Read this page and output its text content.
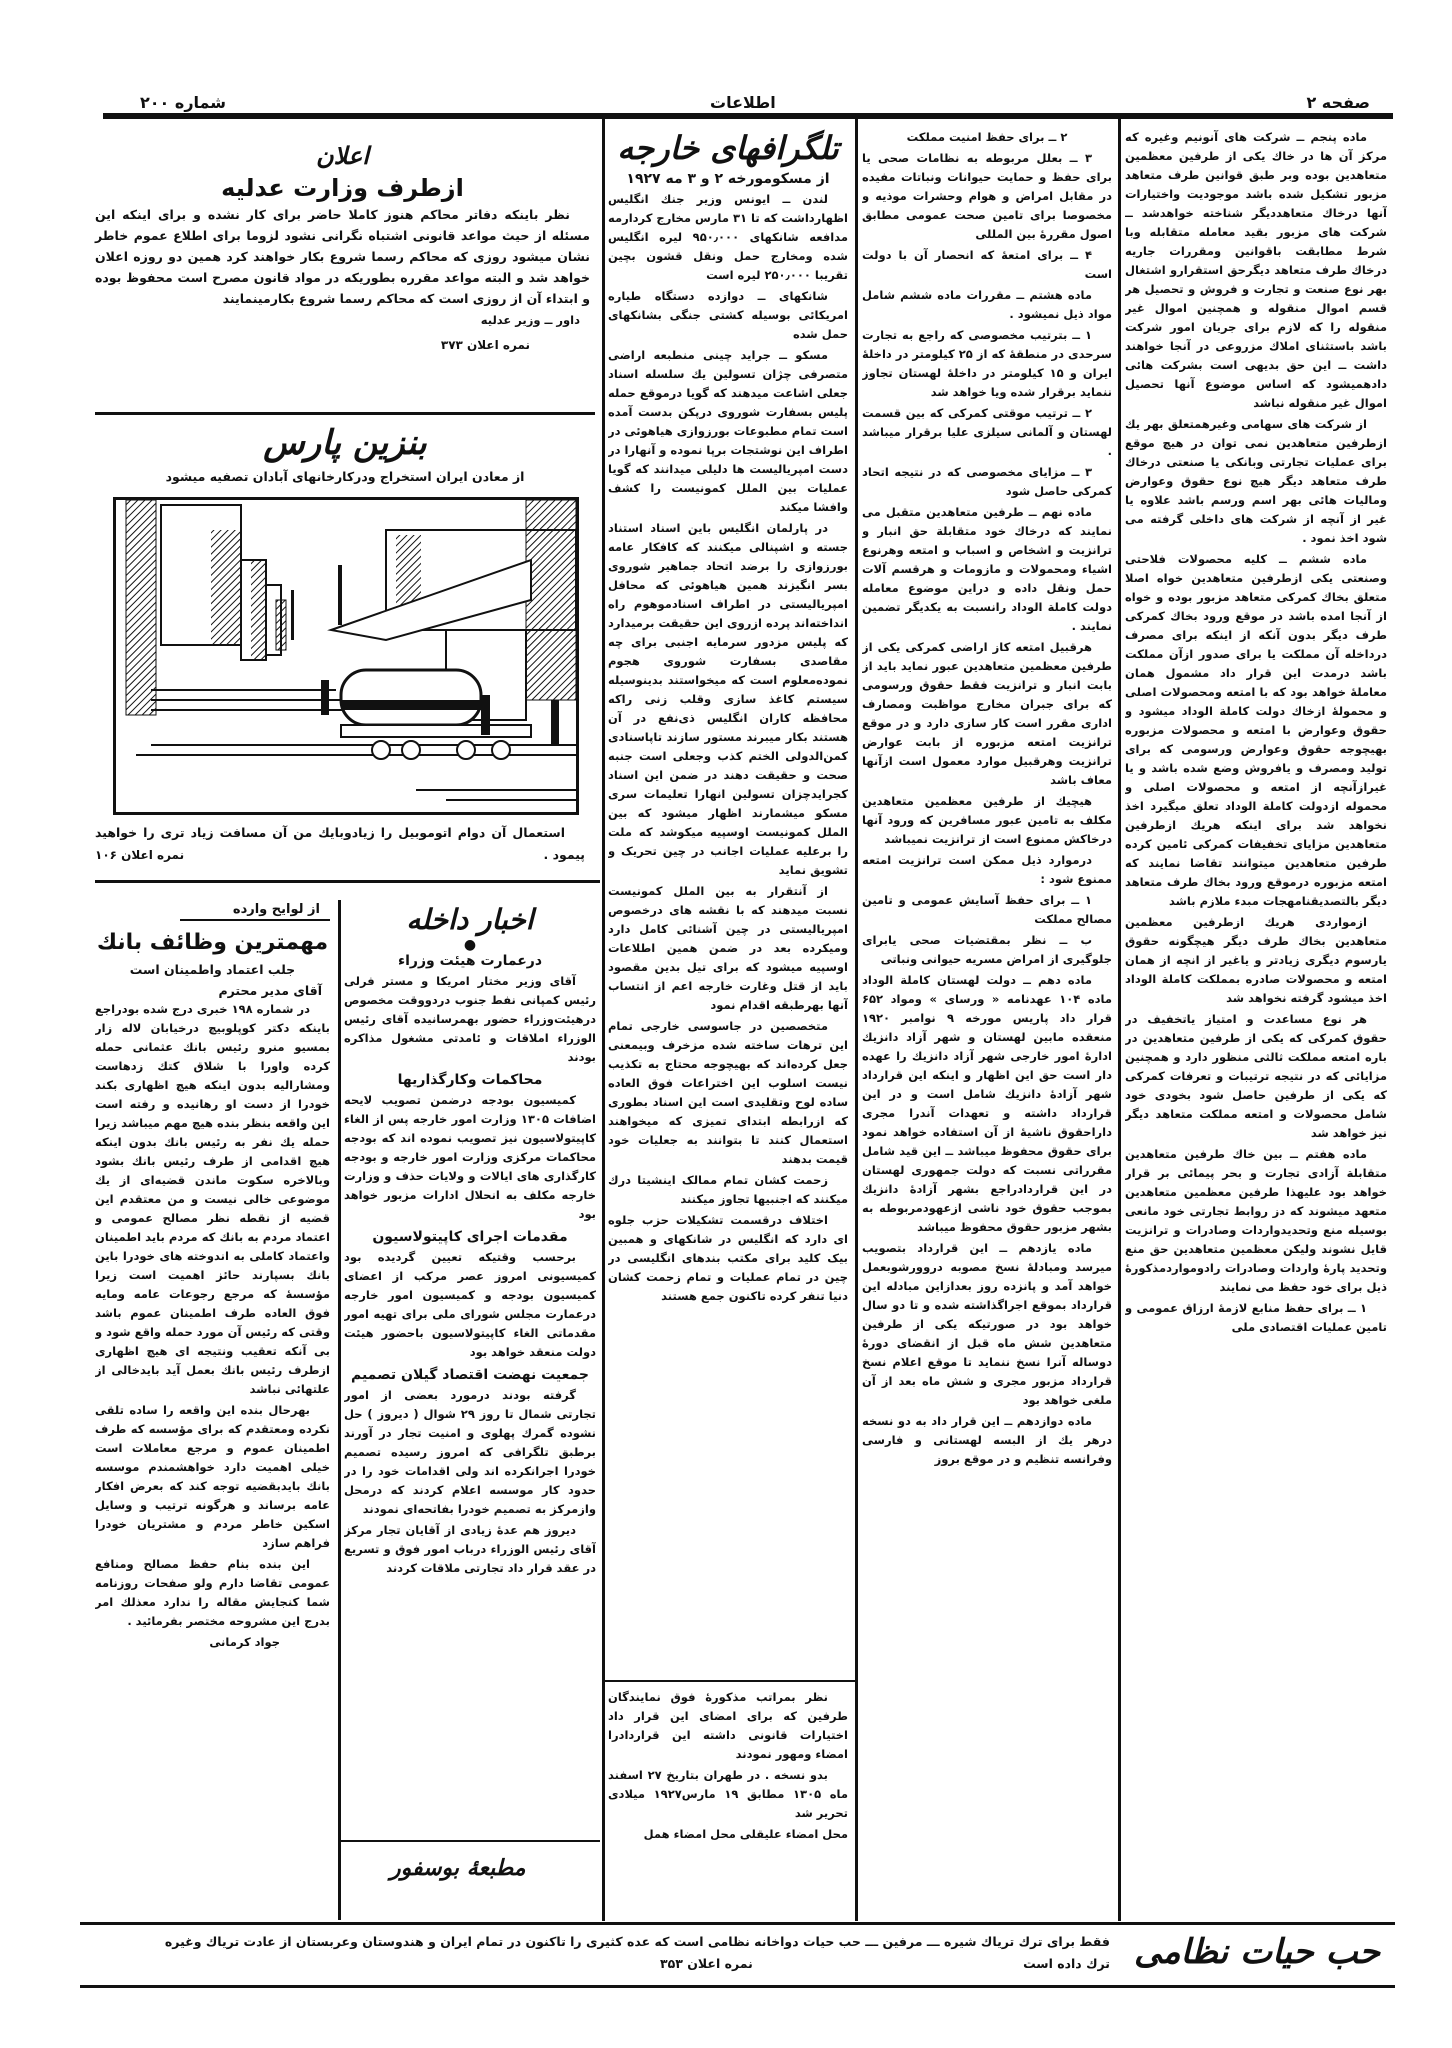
صفحه ۲
اطلاعات
شماره ۲۰۰

ماده پنجم ــ شرکت های آنونیم وغیره که مرکز آن ها در خاك یکی از طرفین معظمین متعاهدین بوده وبر طبق قوانین طرف متعاهد مزبور تشکیل شده باشد موجودیت واختیارات آنها درخاك متعاهددیگر شناخته خواهدشد ــ شرکت های مزبور بقید معامله متقابله وبا شرط مطابقت باقوانین ومقررات جاریه درخاك طرف متعاهد دیگرحق استقرارو اشتغال بهر نوع صنعت و تجارت و فروش و تحصیل هر قسم اموال منقوله و همچنین اموال غیر منقوله را که لازم برای جریان امور شرکت باشد باستثنای املاك مزروعی در آنجا خواهند داشت ــ این حق بدیهی است بشرکت هائی دادهمیشود که اساس موضوع آنها تحصیل اموال غیر منقوله نباشد

از شرکت های سهامی وغیرهمتعلق بهر یك ازطرفین متعاهدین نمی توان در هیچ موقع برای عملیات تجارتی وبانکی یا صنعتی درخاك طرف متعاهد دیگر هیچ نوع حقوق وعوارض ومالیات هائی بهر اسم ورسم باشد علاوه یا غیر از آنچه از شرکت های داخلی گرفته می شود اخذ نمود .

ماده ششم ــ کلیه محصولات فلاحتی وصنعتی یکی ازطرفین متعاهدین خواه اصلا متعلق بخاك کمرکی متعاهد مزبور بوده و خواه از آنجا امده باشد در موقع ورود بخاك کمرکی طرف دیگر بدون آنکه از اینکه برای مصرف درداخله آن مملکت یا برای صدور ازآن مملکت باشد درمدت این قرار داد مشمول همان معاملهٔ خواهد بود که با امتعه ومحصولات اصلی و محمولهٔ ازخاك دولت کاملة الوداد میشود و حقوق وعوارض با امتعه و محصولات مزبوره بهیچوجه حقوق وعوارض ورسومی که برای تولید ومصرف و یافروش وضع شده باشد و یا غیرازآنچه از امتعه و محصولات اصلی و محموله ازدولت کاملة الوداد تعلق میگیرد اخذ نخواهد شد برای اینکه هریك ازطرفین متعاهدین مزایای تخفیفات کمرکی ئامین کرده طرفین متعاهدین میتوانند تقاضا نمایند که امتعه مزبوره درموقع ورود بخاك طرف متعاهد دیگر بالتصدیقنامهجات مبدء ملازم باشد

ازمواردی هریك ازطرفین معظمین متعاهدین بخاك طرف دیگر هیچگونه حقوق یارسوم دیگری زیادتر و یاغیر از انچه از همان امتعه و محصولات صادره بمملکت کاملة الوداد اخذ میشود گرفته نخواهد شد

هر نوع مساعدت و امتیاز یاتخفیف در حقوق کمرکی که یکی از طرفین متعاهدین در باره امتعه مملکت ثالثی منظور دارد و همچنین مزایائی که در نتیجه ترتیبات و تعرفات کمرکی که یکی از طرفین حاصل شود بخودی خود شامل محصولات و امتعه مملکت متعاهد دیگر نیز خواهد شد

ماده هفتم ــ بین خاك طرفین متعاهدین متقابلة آزادی تجارت و بحر پیمائی بر قرار خواهد بود علیهذا طرفین معظمین متعاهدین متعهد میشوند که دز روابط تجارتی خود مانعی بوسیله منع وتحدیدواردات وصادرات و ترانزیت قایل نشوند ولیکن معظمین متعاهدین حق منع وتحدید پارهٔ واردات وصادرات رادومواردمذکورهٔ ذیل برای خود حفظ می نمایند

۱ ــ برای حفظ منابع لازمهٔ ارزاق عمومی و تامین عملیات اقتصادی ملی

۲ ــ برای حفظ امنیت مملکت

۳ ــ بعلل مربوطه به نظامات صحی یا برای حفظ و حمایت حیوانات ونباتات مفیده در مقابل امراض و هوام وحشرات موذیه و مخصوصا برای تامین صحت عمومی مطابق اصول مقررهٔ بین المللی

۴ ــ برای امتعهٔ که انحصار آن با دولت است

ماده هشتم ــ مقررات ماده ششم شامل مواد ذیل نمیشود .

۱ ــ بترتیب مخصوصی که راجع به تجارت سرحدی در منطقهٔ که از ۲۵ کیلومتر در داخلهٔ ایران و ۱۵ کیلومتر در داخلهٔ لهستان تجاوز ننماید برقرار شده ویا خواهد شد

۲ ــ ترتیب موقتی کمرکی که بین قسمت لهستان و آلمانی سیلزی علیا برقرار میباشد .

۳ ــ مزایای مخصوصی که در نتیجه اتحاد کمرکی حاصل شود

ماده نهم ــ طرفین متعاهدین متقبل می نمایند که درخاك خود متقابلة حق انبار و ترانزیت و اشخاص و اسباب و امتعه وهرنوع اشیاء ومحمولات و مازومات و هرقسم آلات حمل ونقل داده و دراین موضوع معامله دولت کاملة الوداد رانسبت به یکدیگر تضمین نمایند .

هرقبیل امتعه کاز اراضی کمرکی یکی از طرفین معظمین متعاهدین عبور نماید باید از بابت انبار و ترانزیت فقط حقوق ورسومی که برای جبران مخارج مواظبت ومصارف اداری مقرر است کار سازی دارد و در موقع ترانزیت امتعه مزبوره از بابت عوارض ترانزیت وهرقبیل موارد معمول است ازآنها معاف باشد

هیچیك از طرفین معظمین متعاهدین مکلف به تامین عبور مسافرین که ورود آنها درخاکش ممنوع است از ترانزیت نمیباشد

درموارد ذیل ممکن است ترانزیت امتعه ممنوع شود :

۱ ــ برای حفظ آسایش عمومی و تامین مصالح مملکت

ب ــ نظر بمقتضیات صحی یابرای جلوگیری از امراض مسریه حیوانی ونباتی

ماده دهم ــ دولت لهستان کاملة الوداد ماده ۱۰۴ عهدنامه « ورسای » ومواد ۶۵۲ قرار داد پاریس مورخه ۹ نوامبر ۱۹۲۰ منعقده مابین لهستان و شهر آزاد دانزیك ادارهٔ امور خارجی شهر آزاد دانزیك را عهده دار است حق این اظهار و اینکه این قرارداد شهر آزادهٔ دانزیك شامل است و در این قرارداد داشته و تعهدات آندرا مجری داراحقوق ناشیهٔ از آن استفاده خواهد نمود برای حقوق محفوظ میباشد ــ این قید شامل مقرراتی نسبت که دولت جمهوری لهستان در این قراردادراجع بشهر آزادهٔ دانزیك بموجب حقوق خود ناشی ازعهودمربوطه به بشهر مزبور حقوق محفوظ میباشد

ماده یازدهم ــ این قرارداد بتصویب میرسد ومبادلهٔ نسخ مصوبه دروورشوبعمل خواهد آمد و پانزده روز بعدازاین مبادله این قرارداد بموقع اجراگذاشته شده و تا دو سال خواهد بود در صورتیکه یکی از طرفین متعاهدین شش ماه قبل از انقضای دورهٔ دوساله آنرا نسخ ننماید تا موقع اعلام نسخ قرارداد مزبور مجری و شش ماه بعد از آن ملغی خواهد بود

ماده دوازدهم ــ این قرار داد به دو نسخه درهر یك از البسه لهستانی و فارسی وفرانسه تنظیم و در موقع بروز

تلگرافهای خارجه
از مسکومورخه ۲ و ۳ مه ۱۹۲۷

لندن ــ ایونس وزیر جنك انگلیس اظهارداشت که تا ۳۱ مارس مخارج کردارمه مدافعه شانکهای ۹۵۰٫۰۰۰ لیره انگلیس شده ومخارج حمل ونقل قشون بچین تقریبا ۲۵۰٫۰۰۰ لیره است

شانکهای ــ دوازده دستگاه طیاره امریکائی بوسیله کشتی جنگی بشانکهای حمل شده

مسکو ــ جراید چینی منطبعه اراضی متصرفی چژان تسولین یك سلسله اسناد جعلی اشاعت میدهند که گویا درموقع حمله پلیس بسفارت شوروی درپکن بدست آمده است تمام مطبوعات بورزوازی هیاهوئی در اطراف این نوشتجات برپا نموده و آنهارا در دست امپریالیست ها دلیلی میدانند که گویا عملیات بین الملل کمونیست را کشف وافشا میکند

در پارلمان انگلیس باین اسناد استناد جسته و اشپنالی میکنند که کافکار عامه بورزوازی را برضد اتحاد جماهیر شوروی بسر انگیزند همین هیاهوئی که محافل امپریالیستی در اطراف اسنادموهوم راه انداخته‌اند پرده ازروی این حقیقت برمیدارد که پلیس مزدور سرمایه اجنبی برای چه مقاصدی بسفارت شوروی هجوم نموده‌معلوم است که میخواستند بدینوسیله سیستم کاغذ سازی وقلب زنی راکه محافظه کاران انگلیس ذی‌نفع در آن هستند بکار میبرند مستور سازند تاپاسنادی کمن‌الدولی الختم کذب وجعلی است جنبه صحت و حقیقت دهند در ضمن این اسناد کجرایدچزان تسولین انهارا تعلیمات سری مسکو میشمارند اظهار میشود که بین الملل کمونیست اوسپیه میکوشد که ملت را برعلیه عملیات اجانب در چین تحریک و تشویق نماید

از آنتقرار به بین الملل کمونیست نسبت میدهند که با نقشه های درخصوص امپریالیستی در چین آشنائی کامل دارد ومیکرده بعد در ضمن همین اطلاعات اوسپیه میشود که برای تیل بدین مقصود باید از قتل وغارت خارجه اعم از انتساب آنها بهرطبقه اقدام نمود

متخصصین در جاسوسی خارجی تمام این ترهات ساخته شده مزخرف وبیمعنی جعل کرده‌اند که بهیچوجه محتاج به تکذیب نیست اسلوب این اختراعات فوق العاده ساده لوح وتقلیدی است این اسناد بطوری که ازرابطه ابتدای تمیزی که میخواهند استعمال کنند تا بتوانند به جعلیات خود قیمت بدهند

زحمت کشان تمام ممالک اینشیتا درك میکنند که اجنبیها تجاوز میکنند

اختلاف درقسمت تشکیلات حزب جلوه ای دارد که انگلیس در شانکهای و همبین بیک کلید برای مکتب بندهای انگلیسی در چین در تمام عملیات و تمام زحمت کشان دنیا تنفر کرده تاکنون جمع هستند

نظر بمراتب مذکورهٔ فوق نمایندگان طرفین که برای امضای این قرار داد اختیارات قانونی داشته این قراردادرا امضاء ومهور نمودند

بدو نسخه . در طهران بتاریخ ۲۷ اسفند ماه ۱۳۰۵ مطابق ۱۹ مارس۱۹۲۷ میلادی تحریر شد

محل امضاء علیقلی محل امضاء همل

اعلان
ازطرف وزارت عدلیه

نظر باینکه دفاتر محاکم هنوز کاملا حاضر برای کار نشده و برای اینکه این مسئله از حیث مواعد قانونی اشتباه نگرانی نشود لزوما برای اطلاع عموم خاطر نشان میشود روزی که محاکم رسما شروع بکار خواهند کرد همین دو روزه اعلان خواهد شد و البته مواعد مقرره بطوریکه در مواد قانون مصرح است محفوظ بوده و ابتداء آن از روزی است که محاکم رسما شروع بکارمینمایند

داور ــ وزیر عدلیه
نمره اعلان ۳۷۳
بنزین پارس
از معادن ایران استخراج ودرکارخانهای آبادان تصفیه میشود

استعمال آن دوام اتوموبیل را زیادوبایك من آن مسافت زیاد تری را خواهید پیمود .

نمره اعلان ۱۰۶
اخبار داخله
●
درعمارت هیئت وزراء

آقای وزیر مختار امریکا و مستر فرلی رئیس کمپانی نفط جنوب دردووقت مخصوص درهیئت‌وزراء حضور بهمرسانیده آقای رئیس الوزراء املاقات و ئامدتی مشغول مذاکره بودند

محاکمات وکارگذاریها

کمیسیون بودجه درضمن تصویب لایحه اضافات ۱۳۰۵ وزارت امور خارجه پس از الغاء کاپیتولاسیون نیز تصویب نموده اند که بودجه محاکمات مرکزی وزارت امور خارجه و بودجه کارگذاری های ایالات و ولایات حذف و وزارت خارجه مکلف به انحلال ادارات مزبور خواهد بود

مقدمات اجرای کاپیتولاسیون

برحسب وقتیکه تعیین گردیده بود کمیسیونی امروز عصر مرکب از اعضای کمیسیون بودجه و کمیسیون امور خارجه درعمارت مجلس شورای ملی برای تهیه امور مقدماتی الغاء کاپیتولاسیون باحضور هیئت دولت منعقد خواهد بود

جمعیت نهضت اقتصاد گیلان تصمیم

گرفته بودند درمورد بعضی از امور تجارتی شمال تا روز ۲۹ شوال ( دیروز ) حل نشوده گمرك پهلوی و امنیت تجار در آورند برطبق تلگرافی که امروز رسیده تصمیم خودرا اجرانکرده اند ولی اقدامات خود را در حدود کار موسسه اعلام کردند که درمحل وازمرکز به تصمیم خودرا بفاتحه‌ای نمودند

دیروز هم عدهٔ زیادی از آقایان تجار مرکز آقای رئیس الوزراء درباب امور فوق و تسریع در عقد قرار داد تجارتی ملاقات کردند

مطبعهٔ بوسفور
از لوایح وارده
مهمترین وظائف بانك
جلب اعتماد واطمینان است
آقای مدیر محترم

در شماره ۱۹۸ خبری درج شده بودراجع باینکه دکتر کوپلوبیچ درخیابان لاله زار بمسیو منرو رئیس بانك عثمانی حمله کرده واورا با شلاق کتك زدهاست ومشارالیه بدون اینکه هیچ اظهاری بکند خودرا از دست او رهانیده و رفته است این واقعه بنظر بنده هیچ مهم میباشد زیرا حمله یك نفر به رئیس بانك بدون اینکه هیچ اقدامی از طرف رئیس بانك بشود وبالاخره سکوت ماندن قضیه‌ای از یك موضوعی خالی نیست و من معتقدم این قضیه از نقطه نظر مصالح عمومی و اعتماد مردم به بانك که مردم باید اطمینان واعتماد کاملی به اندوخته های خودرا باین بانك بسپارند حائز اهمیت است زیرا مؤسسهٔ که مرجع رجوعات عامه ومایه فوق العاده طرف اطمینان عموم باشد وقتی که رئیس آن مورد حمله واقع شود و بی آنکه تعقیب ونتیجه ای هیچ اظهاری ازطرف رئیس بانك بعمل آید بایدخالی از علتهائی نباشد

بهرحال بنده این واقعه را ساده تلقی نکرده ومعتقدم که برای مؤسسه که طرف اطمینان عموم و مرجع معاملات است خیلی اهمیت دارد خواهشمندم موسسه بانك بایدبقضیه توجه کند که بعرض افکار عامه برساند و هرگونه ترتیب و وسایل اسکین خاطر مردم و مشتریان خودرا فراهم سازد

این بنده بنام حفظ مصالح ومنافع عمومی تقاضا دارم ولو صفحات روزنامه شما کنجایش مقاله را ندارد معذلك امر بدرج این مشروحه مختصر بفرمائید .

جواد کرمانی
حب حیات نظامی
فقط برای ترك تریاك شیره ـــ مرفین ـــ حب حیات دواخانه نظامی است که عده کثیری را تاکنون در تمام ایران و هندوستان وعربستان از عادت تریاك وغیره
ترك داده است
نمره اعلان ۳۵۳
